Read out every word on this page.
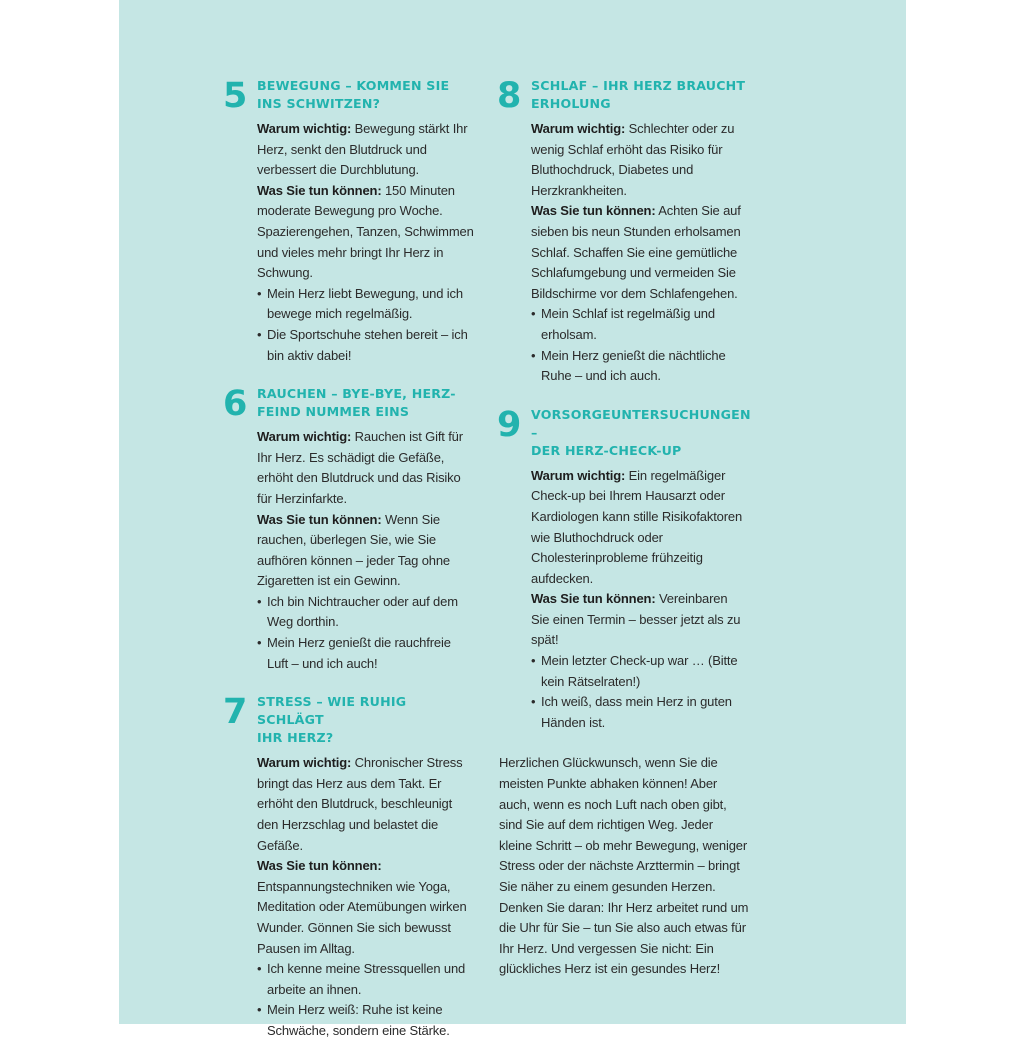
5 BEWEGUNG – KOMMEN SIE
INS SCHWITZEN?

Warum wichtig: Bewegung stärkt Ihr Herz, senkt den Blutdruck und verbessert die Durchblutung.

Was Sie tun können: 150 Minuten moderate Bewegung pro Woche. Spazierengehen, Tanzen, Schwimmen und vieles mehr bringt Ihr Herz in Schwung.

• Mein Herz liebt Bewegung, und ich bewege mich regelmäßig.
• Die Sportschuhe stehen bereit – ich bin aktiv dabei!
6 RAUCHEN – BYE-BYE, HERZ-
FEIND NUMMER EINS

Warum wichtig: Rauchen ist Gift für Ihr Herz. Es schädigt die Gefäße, erhöht den Blutdruck und das Risiko für Herzinfarkte.

Was Sie tun können: Wenn Sie rauchen, überlegen Sie, wie Sie aufhören können – jeder Tag ohne Zigaretten ist ein Gewinn.

• Ich bin Nichtraucher oder auf dem Weg dorthin.
• Mein Herz genießt die rauchfreie Luft – und ich auch!
7 STRESS – WIE RUHIG SCHLÄGT
IHR HERZ?

Warum wichtig: Chronischer Stress bringt das Herz aus dem Takt. Er erhöht den Blutdruck, beschleunigt den Herzschlag und belastet die Gefäße.

Was Sie tun können: Entspannungstechniken wie Yoga, Meditation oder Atemübungen wirken Wunder. Gönnen Sie sich bewusst Pausen im Alltag.

• Ich kenne meine Stressquellen und arbeite an ihnen.
• Mein Herz weiß: Ruhe ist keine Schwäche, sondern eine Stärke.
8 SCHLAF – IHR HERZ BRAUCHT
ERHOLUNG

Warum wichtig: Schlechter oder zu wenig Schlaf erhöht das Risiko für Bluthochdruck, Diabetes und Herzkrankheiten.

Was Sie tun können: Achten Sie auf sieben bis neun Stunden erholsamen Schlaf. Schaffen Sie eine gemütliche Schlafumgebung und vermeiden Sie Bildschirme vor dem Schlafengehen.

• Mein Schlaf ist regelmäßig und erholsam.
• Mein Herz genießt die nächtliche Ruhe – und ich auch.
9 VORSORGEUNTERSUCHUNGEN –
DER HERZ-CHECK-UP

Warum wichtig: Ein regelmäßiger Check-up bei Ihrem Hausarzt oder Kardiologen kann stille Risikofaktoren wie Bluthochdruck oder Cholesterinprobleme frühzeitig aufdecken.

Was Sie tun können: Vereinbaren Sie einen Termin – besser jetzt als zu spät!

• Mein letzter Check-up war … (Bitte kein Rätselraten!)
• Ich weiß, dass mein Herz in guten Händen ist.

Herzlichen Glückwunsch, wenn Sie die meisten Punkte abhaken können! Aber auch, wenn es noch Luft nach oben gibt, sind Sie auf dem richtigen Weg. Jeder kleine Schritt – ob mehr Bewegung, weniger Stress oder der nächste Arzttermin – bringt Sie näher zu einem gesunden Herzen. Denken Sie daran: Ihr Herz arbeitet rund um die Uhr für Sie – tun Sie also auch etwas für Ihr Herz. Und vergessen Sie nicht: Ein glückliches Herz ist ein gesundes Herz!
